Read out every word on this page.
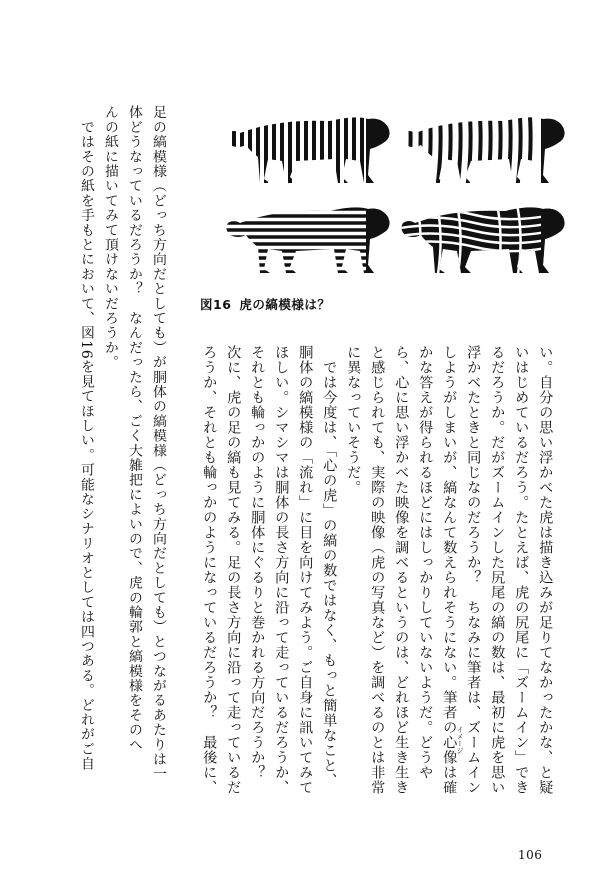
図16 虎の縞模様は？
い。自分の思い浮かべた虎は描き込みが足りてなかったかな、と疑
いはじめているだろう。たとえば、虎の尻尾に「ズームイン」でき
るだろうか。だがズームインした尻尾の縞の数は、最初に虎を思い
浮かべたときと同じなのだろうか？　ちなみに筆者は、ズームイン
しようがしまいが、縞なんて数えられそうにない。筆者の心像は確
かな答えが得られるほどにはしっかりしていないようだ。どうや
ら、心に思い浮かべた映像を調べるというのは、どれほど生き生き
と感じられても、実際の映像（虎の写真など）を調べるのとは非常
に異なっていそうだ。
　では今度は、「心の虎」の縞の数ではなく、もっと簡単なこと、
胴体の縞模様の「流れ」に目を向けてみよう。ご自身に訊いてみて
ほしい。シマシマは胴体の長さ方向に沿って走っているだろうか、
それとも輪っかのように胴体にぐるりと巻かれる方向だろうか？
次に、虎の足の縞も見てみる。足の長さ方向に沿って走っているだ
ろうか、それとも輪っかのようになっているだろうか？　最後に、
足の縞模様（どっち方向だとしても）が胴体の縞模様（どっち方向だとしても）とつながるあたりは一
体どうなっているだろうか？　なんだったら、ごく大雑把によいので、虎の輪郭と縞模様をそのへ
んの紙に描いてみて頂けないだろうか。
　ではその紙を手もとにおいて、図16を見てほしい。可能なシナリオとしては四つある。どれがご自	イメージ
106
